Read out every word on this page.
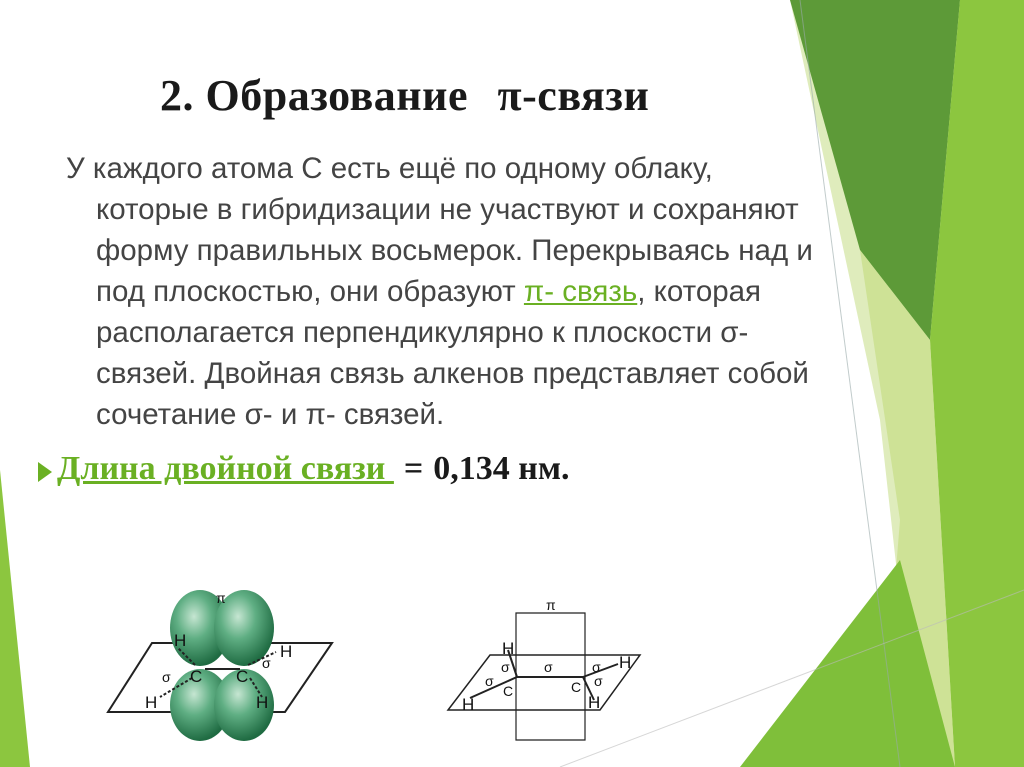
π
H
H
H	H
C C
σ
σ
π
σ
σ
σ
σ
σ
H
H
H
H
C	C
2. Образование π-связи
У каждого атома С есть ещё по одному облаку,
которые в гибридизации не участвуют и сохраняют
форму правильных восьмерок. Перекрываясь над и
под плоскостью, они образуют π- связь, которая
располагается перпендикулярно к плоскости σ-
связей. Двойная связь алкенов представляет собой
сочетание σ- и π- связей.
Длина двойной связи = 0,134 нм.
